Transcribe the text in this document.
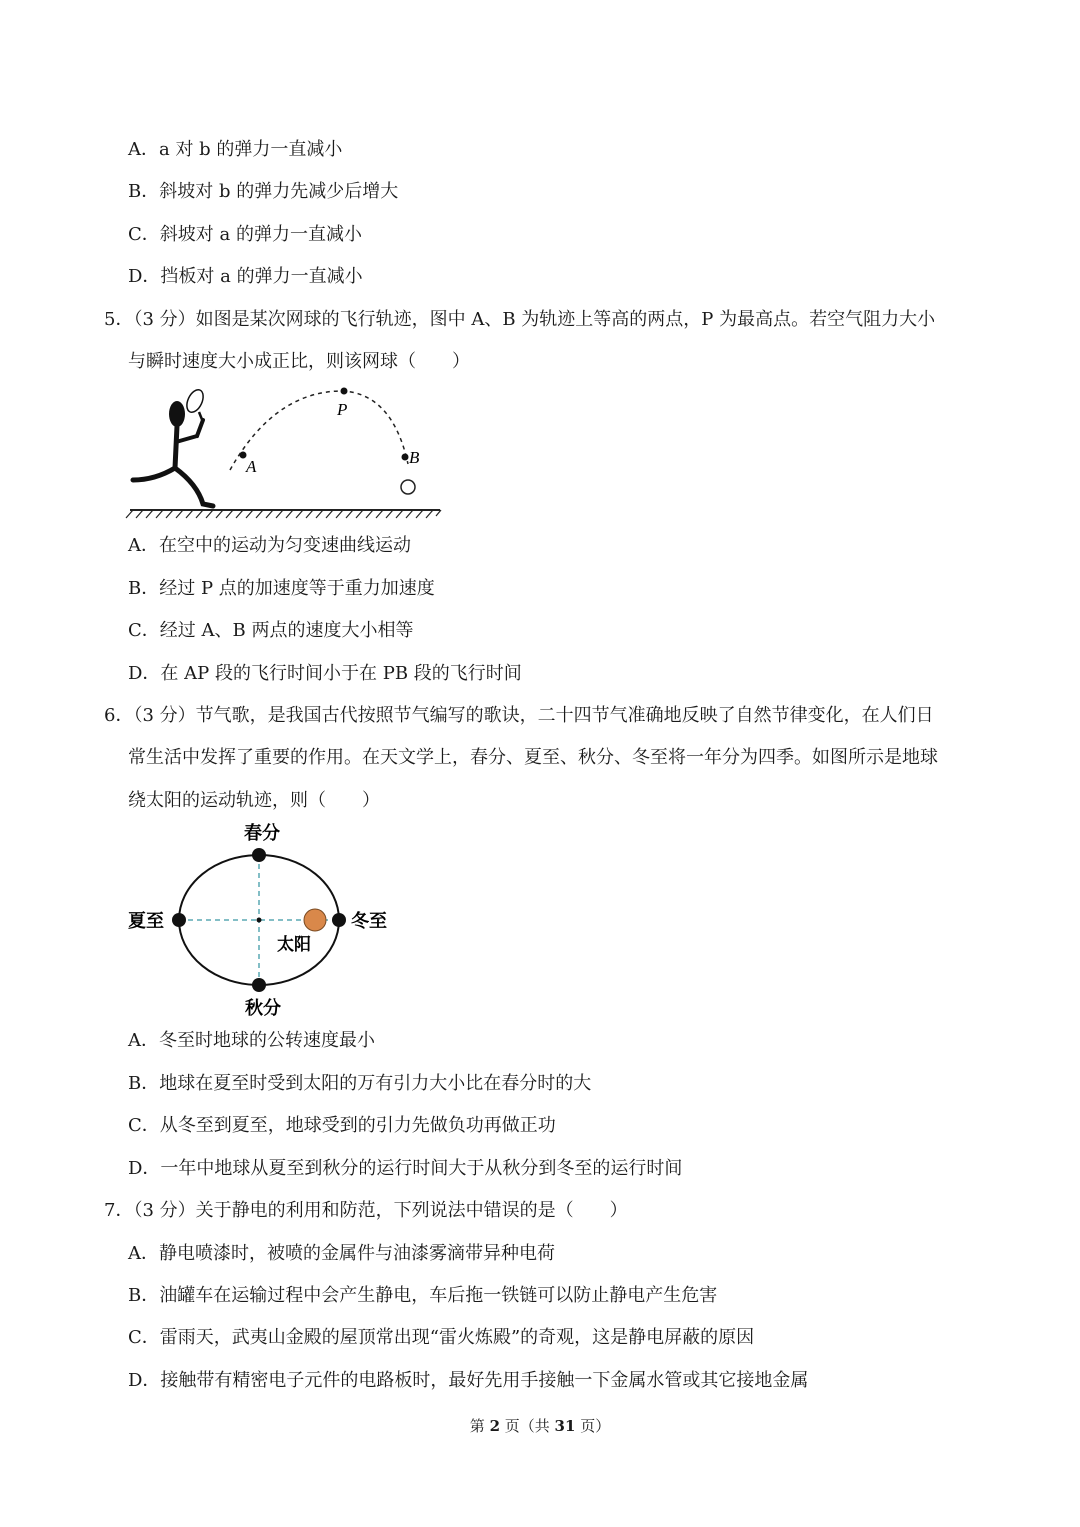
A．a 对 b 的弹力一直减小
B．斜坡对 b 的弹力先减少后增大
C．斜坡对 a 的弹力一直减小
D．挡板对 a 的弹力一直减小
5．（3 分）如图是某次网球的飞行轨迹，图中 A、B 为轨迹上等高的两点，P 为最高点。若空气阻力大小
与瞬时速度大小成正比，则该网球（　　）
A
P
B
A．在空中的运动为匀变速曲线运动
B．经过 P 点的加速度等于重力加速度
C．经过 A、B 两点的速度大小相等
D．在 AP 段的飞行时间小于在 PB 段的飞行时间
6．（3 分）节气歌，是我国古代按照节气编写的歌诀，二十四节气准确地反映了自然节律变化，在人们日
常生活中发挥了重要的作用。在天文学上，春分、夏至、秋分、冬至将一年分为四季。如图所示是地球
绕太阳的运动轨迹，则（　　）
春分
夏至	冬至
太阳
秋分
A．冬至时地球的公转速度最小
B．地球在夏至时受到太阳的万有引力大小比在春分时的大
C．从冬至到夏至，地球受到的引力先做负功再做正功
D．一年中地球从夏至到秋分的运行时间大于从秋分到冬至的运行时间
7．（3 分）关于静电的利用和防范，下列说法中错误的是（　　）
A．静电喷漆时，被喷的金属件与油漆雾滴带异种电荷
B．油罐车在运输过程中会产生静电，车后拖一铁链可以防止静电产生危害
C．雷雨天，武夷山金殿的屋顶常出现“雷火炼殿”的奇观，这是静电屏蔽的原因
D．接触带有精密电子元件的电路板时，最好先用手接触一下金属水管或其它接地金属
第 2 页（共 31 页）
